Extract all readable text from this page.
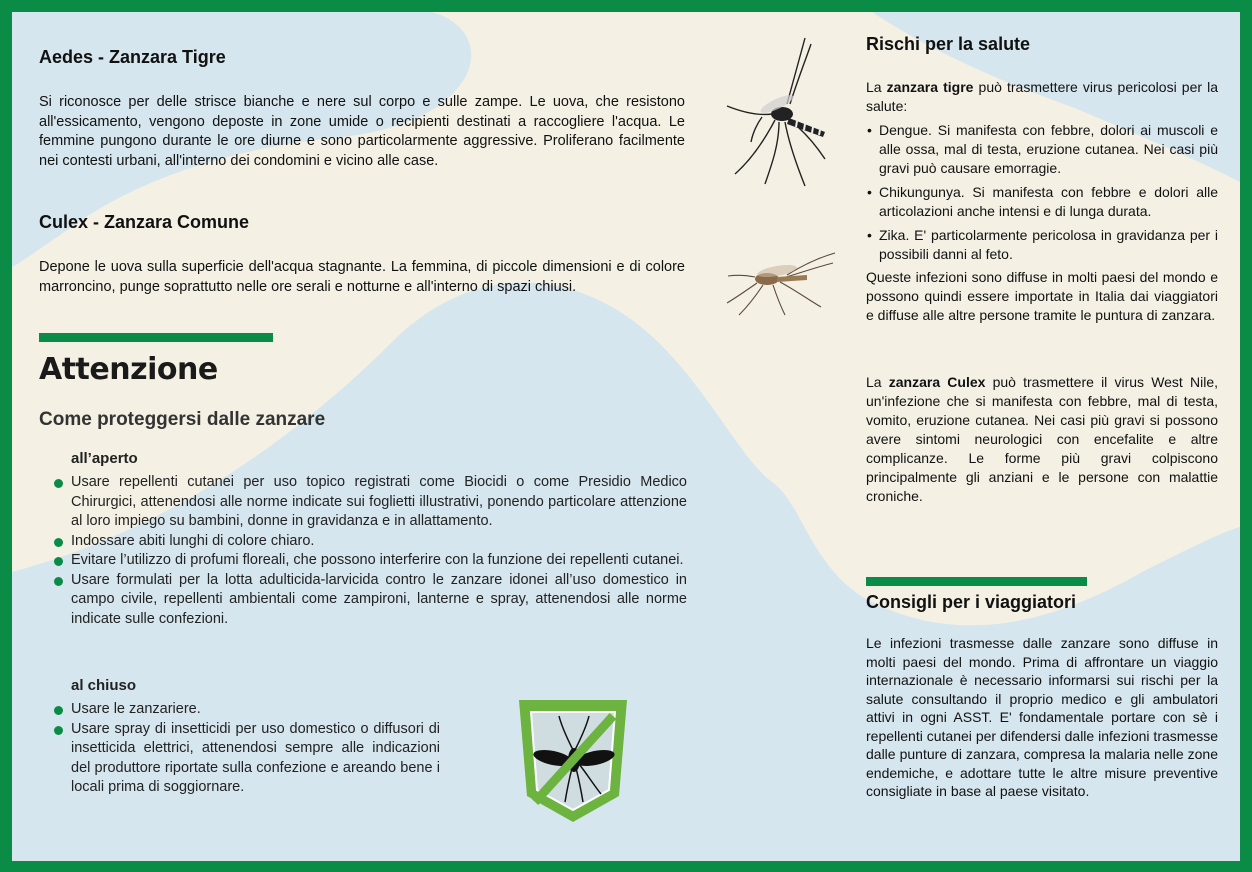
Aedes - Zanzara Tigre

Si riconosce per delle strisce bianche e nere sul corpo e sulle zampe. Le uova, che resistono all'essicamento, vengono deposte in zone umide o recipienti destinati a raccogliere l'acqua. Le femmine pungono durante le ore diurne e sono particolarmente aggressive. Proliferano facilmente nei contesti urbani, all'interno dei condomini e vicino alle case.

Culex - Zanzara Comune

Depone le uova sulla superficie dell'acqua stagnante. La femmina, di piccole dimensioni e di colore marroncino, punge soprattutto nelle ore serali e notturne e all'interno di spazi chiusi.

Attenzione
Come proteggersi dalle zanzare
all’aperto
Usare repellenti cutanei per uso topico registrati come Biocidi o come Presidio Medico Chirurgici, attenendosi alle norme indicate sui foglietti illustrativi, ponendo particolare attenzione al loro impiego su bambini, donne in gravidanza e in allattamento.
Indossare abiti lunghi di colore chiaro.
Evitare l’utilizzo di profumi floreali, che possono interferire con la funzione dei repellenti cutanei.
Usare formulati per la lotta adulticida-larvicida contro le zanzare idonei all’uso domestico in campo civile, repellenti ambientali come zampironi, lanterne e spray, attenendosi alle norme indicate sulle confezioni.
al chiuso
Usare le zanzariere.
Usare spray di insetticidi per uso domestico o diffusori di insetticida elettrici, attenendosi sempre alle indicazioni del produttore riportate sulla confezione e areando bene i locali prima di soggiornare.
Rischi per la salute

La zanzara tigre può trasmettere virus pericolosi per la salute:

• Dengue. Si manifesta con febbre, dolori ai muscoli e alle ossa, mal di testa, eruzione cutanea. Nei casi più gravi può causare emorragie.
• Chikungunya. Si manifesta con febbre e dolori alle articolazioni anche intensi e di lunga durata.
• Zika. E' particolarmente pericolosa in gravidanza per i possibili danni al feto.

Queste infezioni sono diffuse in molti paesi del mondo e possono quindi essere importate in Italia dai viaggiatori e diffuse alle altre persone tramite le puntura di zanzara.

La zanzara Culex può trasmettere il virus West Nile, un'infezione che si manifesta con febbre, mal di testa, vomito, eruzione cutanea. Nei casi più gravi si possono avere sintomi neurologici con encefalite e altre complicanze. Le forme più gravi colpiscono principalmente gli anziani e le persone con malattie croniche.

Consigli per i viaggiatori

Le infezioni trasmesse dalle zanzare sono diffuse in molti paesi del mondo. Prima di affrontare un viaggio internazionale è necessario informarsi sui rischi per la salute consultando il proprio medico e gli ambulatori attivi in ogni ASST. E' fondamentale portare con sè i repellenti cutanei per difendersi dalle infezioni trasmesse dalle punture di zanzara, compresa la malaria nelle zone endemiche, e adottare tutte le altre misure preventive consigliate in base al paese visitato.
